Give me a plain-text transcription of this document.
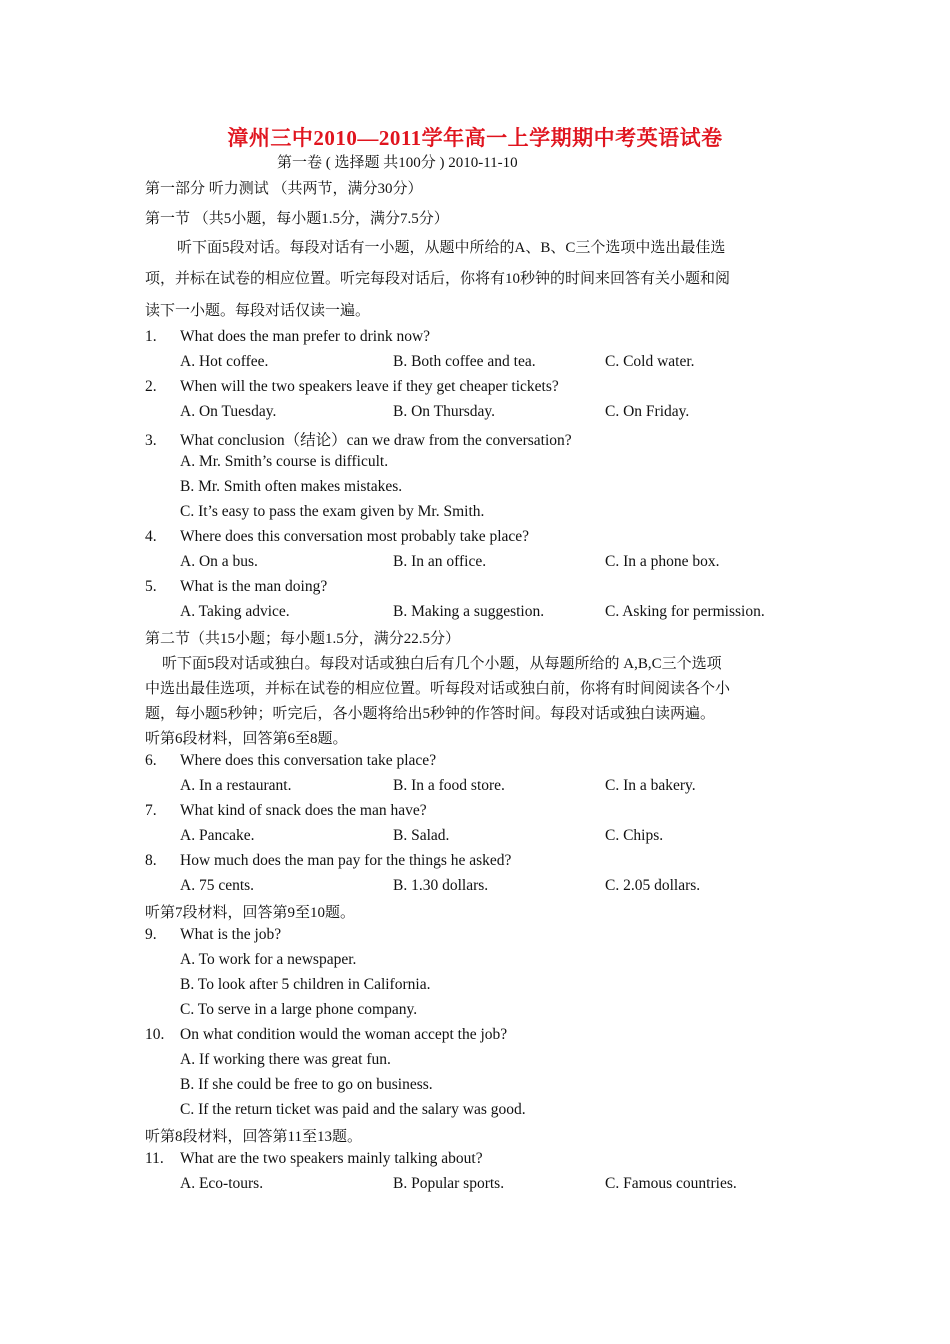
漳州三中2010—2011学年高一上学期期中考英语试卷
第一卷 ( 选择题 共100分 ) 2010-11-10
第一部分 听力测试 （共两节，满分30分）
第一节 （共5小题，每小题1.5分，满分7.5分）
听下面5段对话。每段对话有一小题，从题中所给的A、B、C三个选项中选出最佳选
项，并标在试卷的相应位置。听完每段对话后，你将有10秒钟的时间来回答有关小题和阅
读下一小题。每段对话仅读一遍。
1. What does the man prefer to drink now?
A. Hot coffee.	B. Both coffee and tea.	C. Cold water.
2. When will the two speakers leave if they get cheaper tickets?
A. On Tuesday.	B. On Thursday.	C. On Friday.
3. What conclusion（结论）can we draw from the conversation?
A. Mr. Smith’s course is difficult.
B. Mr. Smith often makes mistakes.
C. It’s easy to pass the exam given by Mr. Smith.
4. Where does this conversation most probably take place?
A. On a bus.	B. In an office.	C. In a phone box.
5. What is the man doing?
A. Taking advice.	B. Making a suggestion.	C. Asking for permission.
第二节（共15小题；每小题1.5分，满分22.5分）
听下面5段对话或独白。每段对话或独白后有几个小题，从每题所给的 A,B,C三个选项
中选出最佳选项，并标在试卷的相应位置。听每段对话或独白前，你将有时间阅读各个小
题，每小题5秒钟；听完后，各小题将给出5秒钟的作答时间。每段对话或独白读两遍。
听第6段材料，回答第6至8题。
6. Where does this conversation take place?
A. In a restaurant.	B. In a food store.	C. In a bakery.
7. What kind of snack does the man have?
A. Pancake.	B. Salad.	C. Chips.
8. How much does the man pay for the things he asked?
A. 75 cents.	B. 1.30 dollars.	C. 2.05 dollars.
听第7段材料，回答第9至10题。
9. What is the job?
A. To work for a newspaper.
B. To look after 5 children in California.
C. To serve in a large phone company.
10. On what condition would the woman accept the job?
A. If working there was great fun.
B. If she could be free to go on business.
C. If the return ticket was paid and the salary was good.
听第8段材料，回答第11至13题。
11. What are the two speakers mainly talking about?
A. Eco-tours.	B. Popular sports.	C. Famous countries.
